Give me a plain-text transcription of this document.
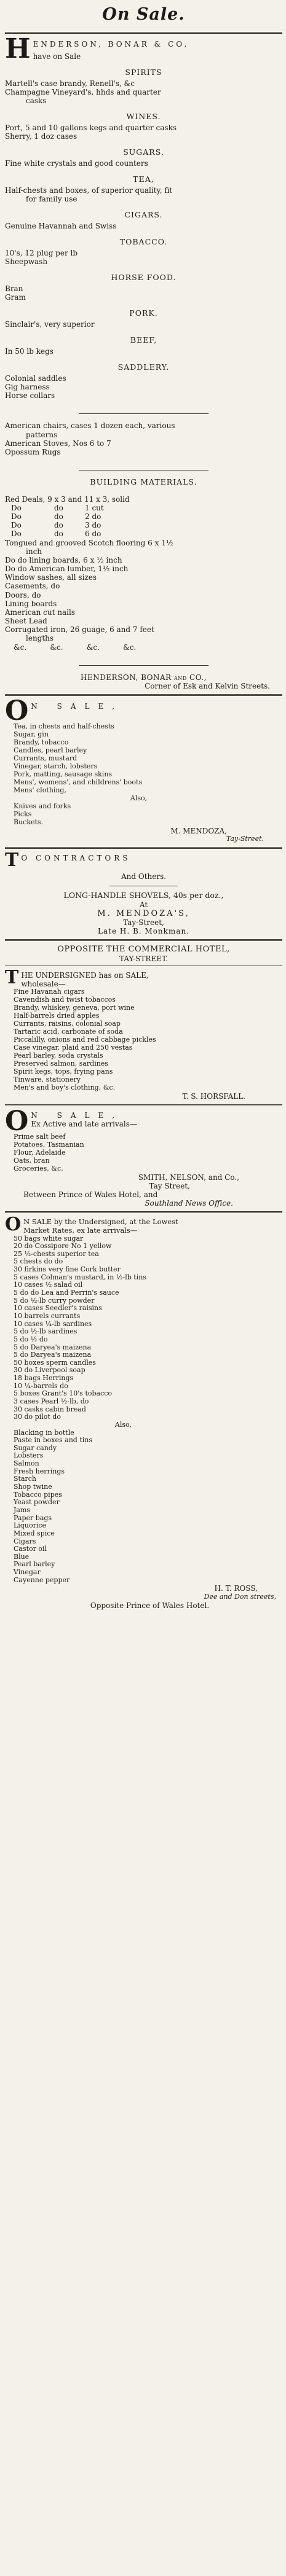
On Sale.
H ENDERSON, BONAR & CO.
have on Sale
SPIRITS
Martell's case brandy, Renell's, &c
Champagne Vineyard's, hhds and quarter
casks
WINES.
Port, 5 and 10 gallons kegs and quarter casks
Sherry, 1 doz cases
SUGARS.
Fine white crystals and good counters
TEA,
Half-chests and boxes, of superior quality, fit
for family use
CIGARS.
Genuine Havannah and Swiss
TOBACCO.
10's, 12 plug per lb
Sheepwash
HORSE FOOD.
Bran
Gram
PORK.
Sinclair's, very superior
BEEF,
In 50 lb kegs
SADDLERY.
Colonial saddles
Gig harness
Horse collars
American chairs, cases 1 dozen each, various
patterns
American Stoves, Nos 6 to 7
Opossum Rugs
BUILDING MATERIALS.
Red Deals, 9 x 3 and 11 x 3, solid
Do	do	1 cut
Do	do	2 do
Do	do	3 do
Do	do	6 do
Tongued and grooved Scotch flooring 6 x 1½
inch
Do do lining boards, 6 x ½ inch
Do do American lumber, 1½ inch
Window sashes, all sizes
Casements, do
Doors, do
Lining boards
American cut nails
Sheet Lead
Corrugated iron, 26 guage, 6 and 7 feet
lengths
&c.          &c.          &c.          &c.
HENDERSON, BONAR and CO.,
Corner of Esk and Kelvin Streets.
O N SALE,
Tea, in chests and half-chests
Sugar, gin
Brandy, tobacco
Candles, pearl barley
Currants, mustard
Vinegar, starch, lobsters
Pork, matting, sausage skins
Mens', womens', and childrens' boots
Mens' clothing,
Also,
Knives and forks
Picks
Buckets.
M. MENDOZA,
Tay-Street.
T O CONTRACTORS
And Others.
LONG-HANDLE SHOVELS, 40s per doz.,
At
M. MENDOZA'S,
Tay-Street,
Late H. B. Monkman.
OPPOSITE THE COMMERCIAL HOTEL,
TAY-STREET.
T HE UNDERSIGNED has on SALE,
wholesale—
Fine Havanah cigars
Cavendish and twist tobaccos
Brandy, whiskey, geneva, port wine
Half-barrels dried apples
Currants, raisins, colonial soap
Tartaric acid, carbonate of soda
Piccalilly, onions and red cabbage pickles
Case vinegar, plaid and 250 vestas
Pearl barley, soda crystals
Preserved salmon, sardines
Spirit kegs, tops, frying pans
Tinware, stationery
Men's and boy's clothing, &c.
T. S. HORSFALL.
O N SALE,
Ex Active and late arrivals—
Prime salt beef
Potatoes, Tasmanian
Flour, Adelaide
Oats, bran
Groceries, &c.
SMITH, NELSON, and Co.,
Tay Street,
Between Prince of Wales Hotel, and
Southland News Office.
O N SALE by the Undersigned, at the Lowest
Market Rates, ex late arrivals—
50 bags white sugar
20 do Cossipore No 1 yellow
25 ½-chests superior tea
5 chests do do
30 firkins very fine Cork butter
5 cases Colman's mustard, in ½-lb tins
10 cases ½ salad oil
5 do do Lea and Perrin's sauce
5 do ½-lb curry powder
10 cases Seedler's raisins
10 barrels currants
10 cases ¼-lb sardines
5 do ½-lb sardines
5 do ½ do
5 do Daryea's maizena
5 do Daryea's maizena
50 boxes sperm candles
30 do Liverpool soap
18 bags Herrings
10 ¼-barrels do
5 boxes Grant's 10's tobacco
3 cases Pearl ½-lb, do
30 casks cabin bread
30 do pilot do
Also,
Blacking in bottle
Paste in boxes and tins
Sugar candy
Lobsters
Salmon
Fresh herrings
Starch
Shop twine
Tobacco pipes
Yeast powder
Jams
Paper bags
Liquorice
Mixed spice
Cigars
Castor oil
Blue
Pearl barley
Vinegar
Cayenne pepper
H. T. ROSS,
Dee and Don streets,
Opposite Prince of Wales Hotel.
